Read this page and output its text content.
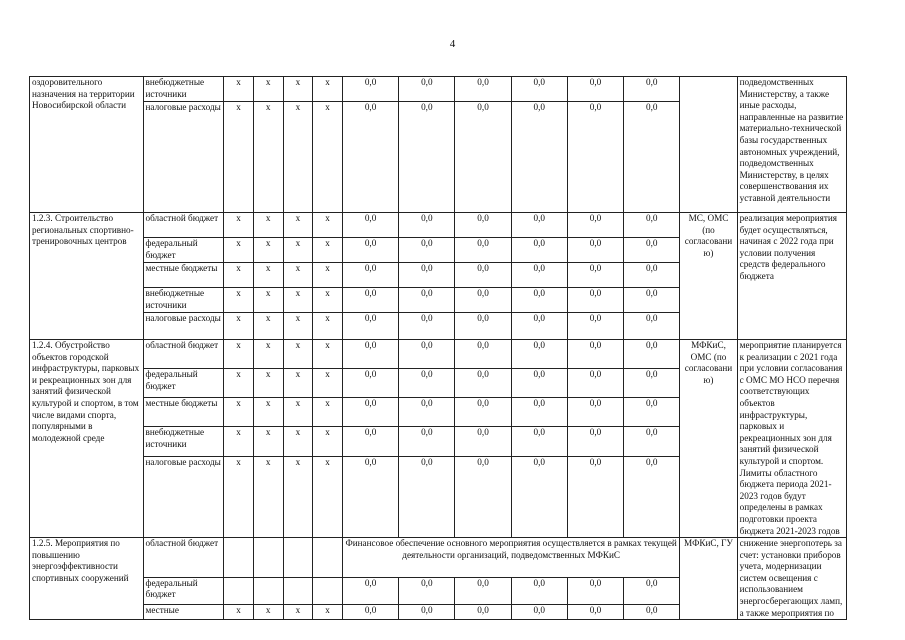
4
оздоровительного назначения на территории Новосибирской области	внебюджетные источники	x	x	x	x	0,0	0,0	0,0	0,0	0,0	0,0		подведомственных Министерству, а также иные расходы, направленные на развитие материально-технической базы государственных автономных учреждений, подведомственных Министерству, в целях совершенствования их уставной деятельности
	налоговые расходы	x	x	x	x	0,0	0,0	0,0	0,0	0,0	0,0		
1.2.3. Строительство региональных спортивно-тренировочных центров	областной бюджет	x	x	x	x	0,0	0,0	0,0	0,0	0,0	0,0	МС, ОМС (по согласованию)	реализация мероприятия будет осуществляться, начиная с 2022 года при условии получения средств федерального бюджета
	федеральный бюджет	x	x	x	x	0,0	0,0	0,0	0,0	0,0	0,0		
	местные бюджеты	x	x	x	x	0,0	0,0	0,0	0,0	0,0	0,0		
	внебюджетные источники	x	x	x	x	0,0	0,0	0,0	0,0	0,0	0,0		
	налоговые расходы	x	x	x	x	0,0	0,0	0,0	0,0	0,0	0,0		
1.2.4. Обустройство объектов городской инфраструктуры, парковых и рекреационных зон для занятий физической культурой и спортом, в том числе видами спорта, популярными в молодежной среде	областной бюджет	x	x	x	x	0,0	0,0	0,0	0,0	0,0	0,0	МФКиС, ОМС (по согласованию)	мероприятие планируется к реализации с 2021 года при условии согласования с ОМС МО НСО перечня соответствующих объектов инфраструктуры, парковых и рекреационных зон для занятий физической культурой и спортом. Лимиты областного бюджета периода 2021-2023 годов будут определены в рамках подготовки проекта бюджета 2021-2023 годов
	федеральный бюджет	x	x	x	x	0,0	0,0	0,0	0,0	0,0	0,0		
	местные бюджеты	x	x	x	x	0,0	0,0	0,0	0,0	0,0	0,0		
	внебюджетные источники	x	x	x	x	0,0	0,0	0,0	0,0	0,0	0,0		
	налоговые расходы	x	x	x	x	0,0	0,0	0,0	0,0	0,0	0,0		
1.2.5. Мероприятия по повышению энергоэффективности спортивных сооружений	областной бюджет					Финансовое обеспечение основного мероприятия осуществляется в рамках текущей деятельности организаций, подведомственных МФКиС						МФКиС, ГУ	снижение энергопотерь за счет: установки приборов учета, модернизации систем освещения с использованием энергосберегающих ламп, а также мероприятия по
	федеральный бюджет					0,0	0,0	0,0	0,0	0,0	0,0		
	местные	x	x	x	x	0,0	0,0	0,0	0,0	0,0	0,0		
